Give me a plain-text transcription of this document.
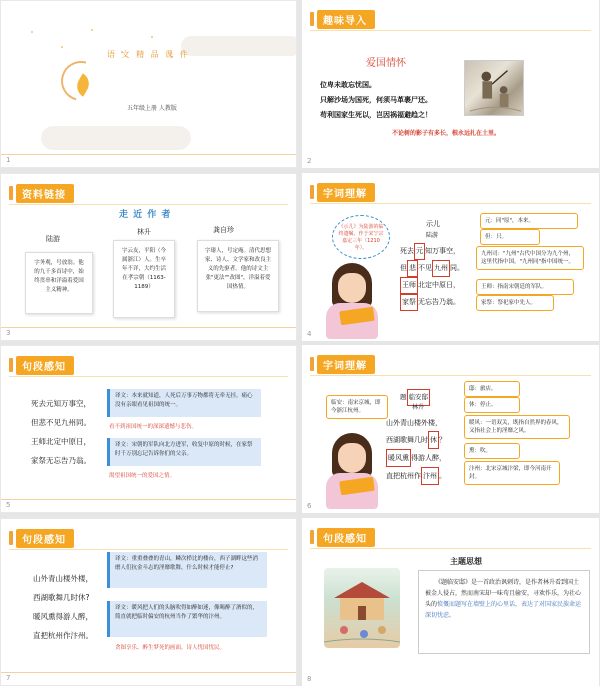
语 文 精 品 课 件
五年级上册 人教版
1
趣味导入
爱国情怀
位卑未敢忘忧国。
只解沙场为国死，何须马革裹尸还。
苟利国家生死以，岂因祸福避趋之！
不论树的影子有多长，根永远扎在土里。
2
资料链接
走 近 作 者
陆游
字务观，号放翁。他的九千多首诗中，始终贯串和洋溢着爱国主义精神。
林升
字云友，平阳（今属浙江）人。生卒年不详，大约生活在孝宗朝（1163-1189）
龚自珍
字璱人，号定庵。清代思想家、诗人、文学家和改良主义的先驱者。他的诗文主张"更法""改图"，洋溢着爱国热情。
3
字词理解
《示儿》为陆游的临终遗嘱，作于宋宁宗嘉定三年（1210年）。
示儿
陆游
死去 元 知万事空，
但 悲 不见 九州 同。
王师 北定中原日，
家祭 无忘告乃翁。
元：同"原"，本来。
但：只。
九州司："九州"古代中国分为九个州，这里代指中国。"九州同"指中国统一。
王师：指南宋朝廷的军队。
家祭：祭祀家中先人。
4
句段感知
死去元知万事空，
但悲不见九州同。
王师北定中原日，
家祭无忘告乃翁。
译文：本来就知道，人死后万事万物都将无牵无挂。痛心没有亲眼看见祖国的统一。
看不到祖国统一的深深遗憾与悲伤。
译文：宋朝的军队向北方进军，收复中原的时候，在家祭时千万别忘记告诉你们的父亲。
渴望祖国统一的爱国之情。
5
字词理解
临安：南宋京城，即今浙江杭州。
题 临安邸
林升
山外青山楼外楼，
西湖歌舞几时 休 ？
暖风熏 得游人醉，
直把杭州作 汴州 。
邸：旅店。
休：停止。
暖风：一语双关，既指自然界的春风，又指社会上的淫靡之风。
熏：吹。
汴州：北宋京城汴梁，即今河南开封。
6
句段感知
山外青山楼外楼，
西湖歌舞几时休?
暖风熏得游人醉，
直把杭州作汴州。
译文：重重叠叠的青山，鳞次栉比的楼台，西子湖畔这些消磨人们抗金斗志的淫靡歌舞，什么时候才能停止?
译文：暖风把人们的头脑吹得如醉如迷，像喝醉了酒似的，简直就把临时偏安的杭州当作了繁华的汴州。
贪图享乐、醉生梦死的画面。诗人忧国忧民。
7
句段感知
主题思想
《题临安邸》是一首政治讽刺诗，是作者林升看到国土被金人侵占，然而南宋却一味苟且偷安，寻欢作乐，为社心头的愤慨而题写在墙壁上的心里话，表达了对国家民族命运 深切忧虑。
8
